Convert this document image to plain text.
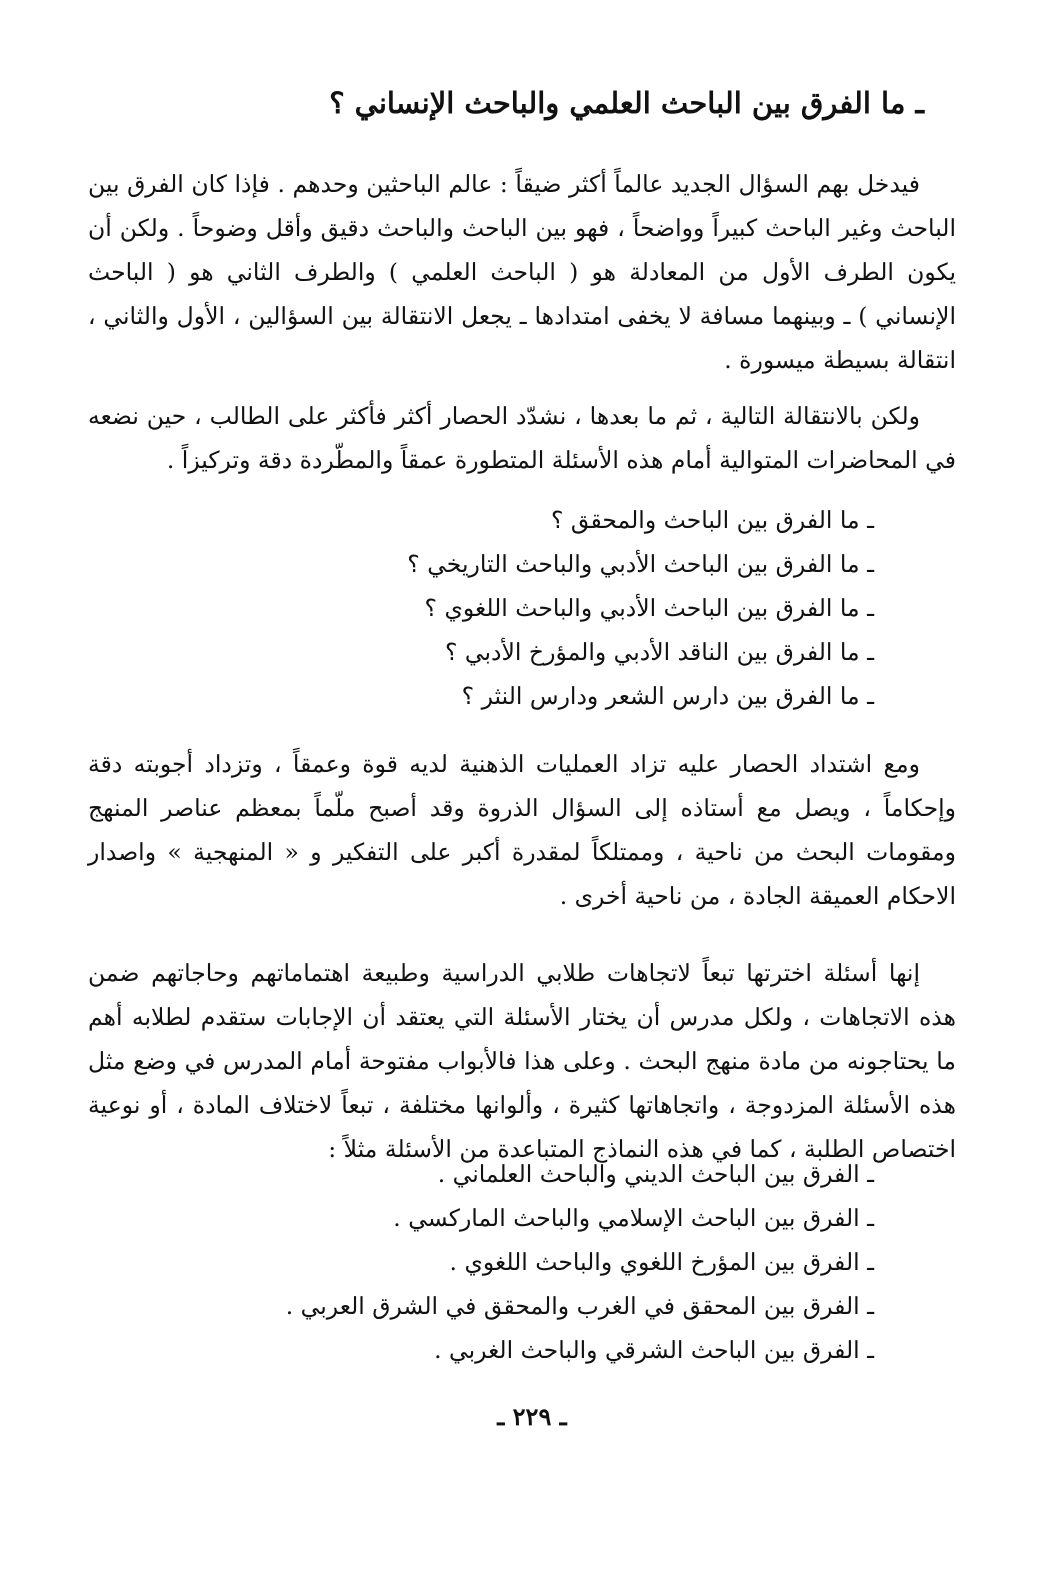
ـ ما الفرق بين الباحث العلمي والباحث الإنساني ؟

فيدخل بهم السؤال الجديد عالماً أكثر ضيقاً : عالم الباحثين وحدهم . فإذا كان الفرق بين الباحث وغير الباحث كبيراً وواضحاً ، فهو بين الباحث والباحث دقيق وأقل وضوحاً . ولكن أن يكون الطرف الأول من المعادلة هو ( الباحث العلمي ) والطرف الثاني هو ( الباحث الإنساني ) ـ وبينهما مسافة لا يخفى امتدادها ـ يجعل الانتقالة بين السؤالين ، الأول والثاني ، انتقالة بسيطة ميسورة .

ولكن بالانتقالة التالية ، ثم ما بعدها ، نشدّد الحصار أكثر فأكثر على الطالب ، حين نضعه في المحاضرات المتوالية أمام هذه الأسئلة المتطورة عمقاً والمطّردة دقة وتركيزاً .

ـ ما الفرق بين الباحث والمحقق ؟
ـ ما الفرق بين الباحث الأدبي والباحث التاريخي ؟
ـ ما الفرق بين الباحث الأدبي والباحث اللغوي ؟
ـ ما الفرق بين الناقد الأدبي والمؤرخ الأدبي ؟
ـ ما الفرق بين دارس الشعر ودارس النثر ؟

ومع اشتداد الحصار عليه تزاد العمليات الذهنية لديه قوة وعمقاً ، وتزداد أجوبته دقة وإحكاماً ، ويصل مع أستاذه إلى السؤال الذروة وقد أصبح ملّماً بمعظم عناصر المنهج ومقومات البحث من ناحية ، وممتلكاً لمقدرة أكبر على التفكير و « المنهجية » واصدار الاحكام العميقة الجادة ، من ناحية أخرى .

إنها أسئلة اخترتها تبعاً لاتجاهات طلابي الدراسية وطبيعة اهتماماتهم وحاجاتهم ضمن هذه الاتجاهات ، ولكل مدرس أن يختار الأسئلة التي يعتقد أن الإجابات ستقدم لطلابه أهم ما يحتاجونه من مادة منهج البحث . وعلى هذا فالأبواب مفتوحة أمام المدرس في وضع مثل هذه الأسئلة المزدوجة ، واتجاهاتها كثيرة ، وألوانها مختلفة ، تبعاً لاختلاف المادة ، أو نوعية اختصاص الطلبة ، كما في هذه النماذج المتباعدة من الأسئلة مثلاً :

ـ الفرق بين الباحث الديني والباحث العلماني .
ـ الفرق بين الباحث الإسلامي والباحث الماركسي .
ـ الفرق بين المؤرخ اللغوي والباحث اللغوي .
ـ الفرق بين المحقق في الغرب والمحقق في الشرق العربي .
ـ الفرق بين الباحث الشرقي والباحث الغربي .
ـ ٢٢٩ ـ
